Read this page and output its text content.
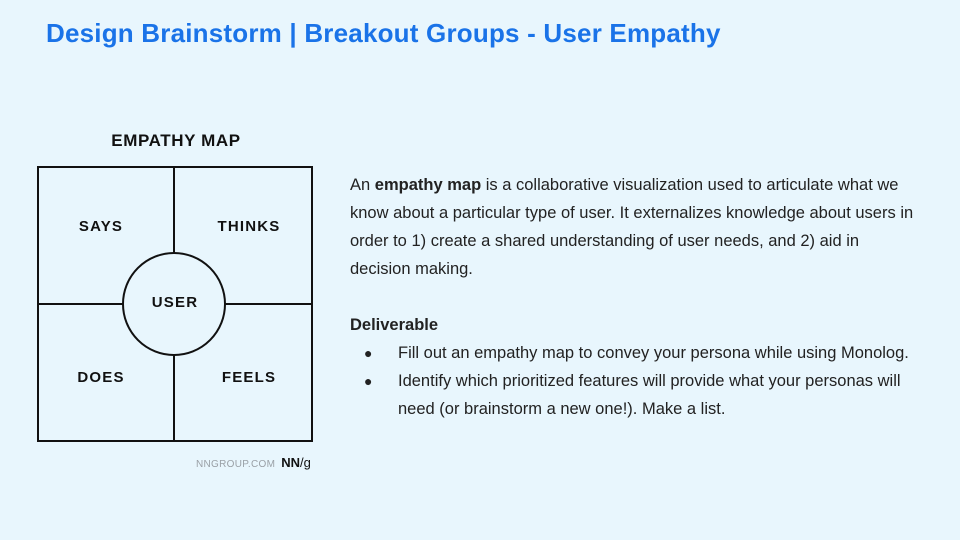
Design Brainstorm | Breakout Groups - User Empathy
EMPATHY MAP
SAYS	THINKS
DOES	FEELS
USER
NNGROUP.COM NN/g

An empathy map is a collaborative visualization used to articulate what we know about a particular type of user. It externalizes knowledge about users in order to 1) create a shared understanding of user needs, and 2) aid in decision making.

Deliverable

● Fill out an empathy map to convey your persona while using Monolog.
● Identify which prioritized features will provide what your personas will need (or brainstorm a new one!). Make a list.
